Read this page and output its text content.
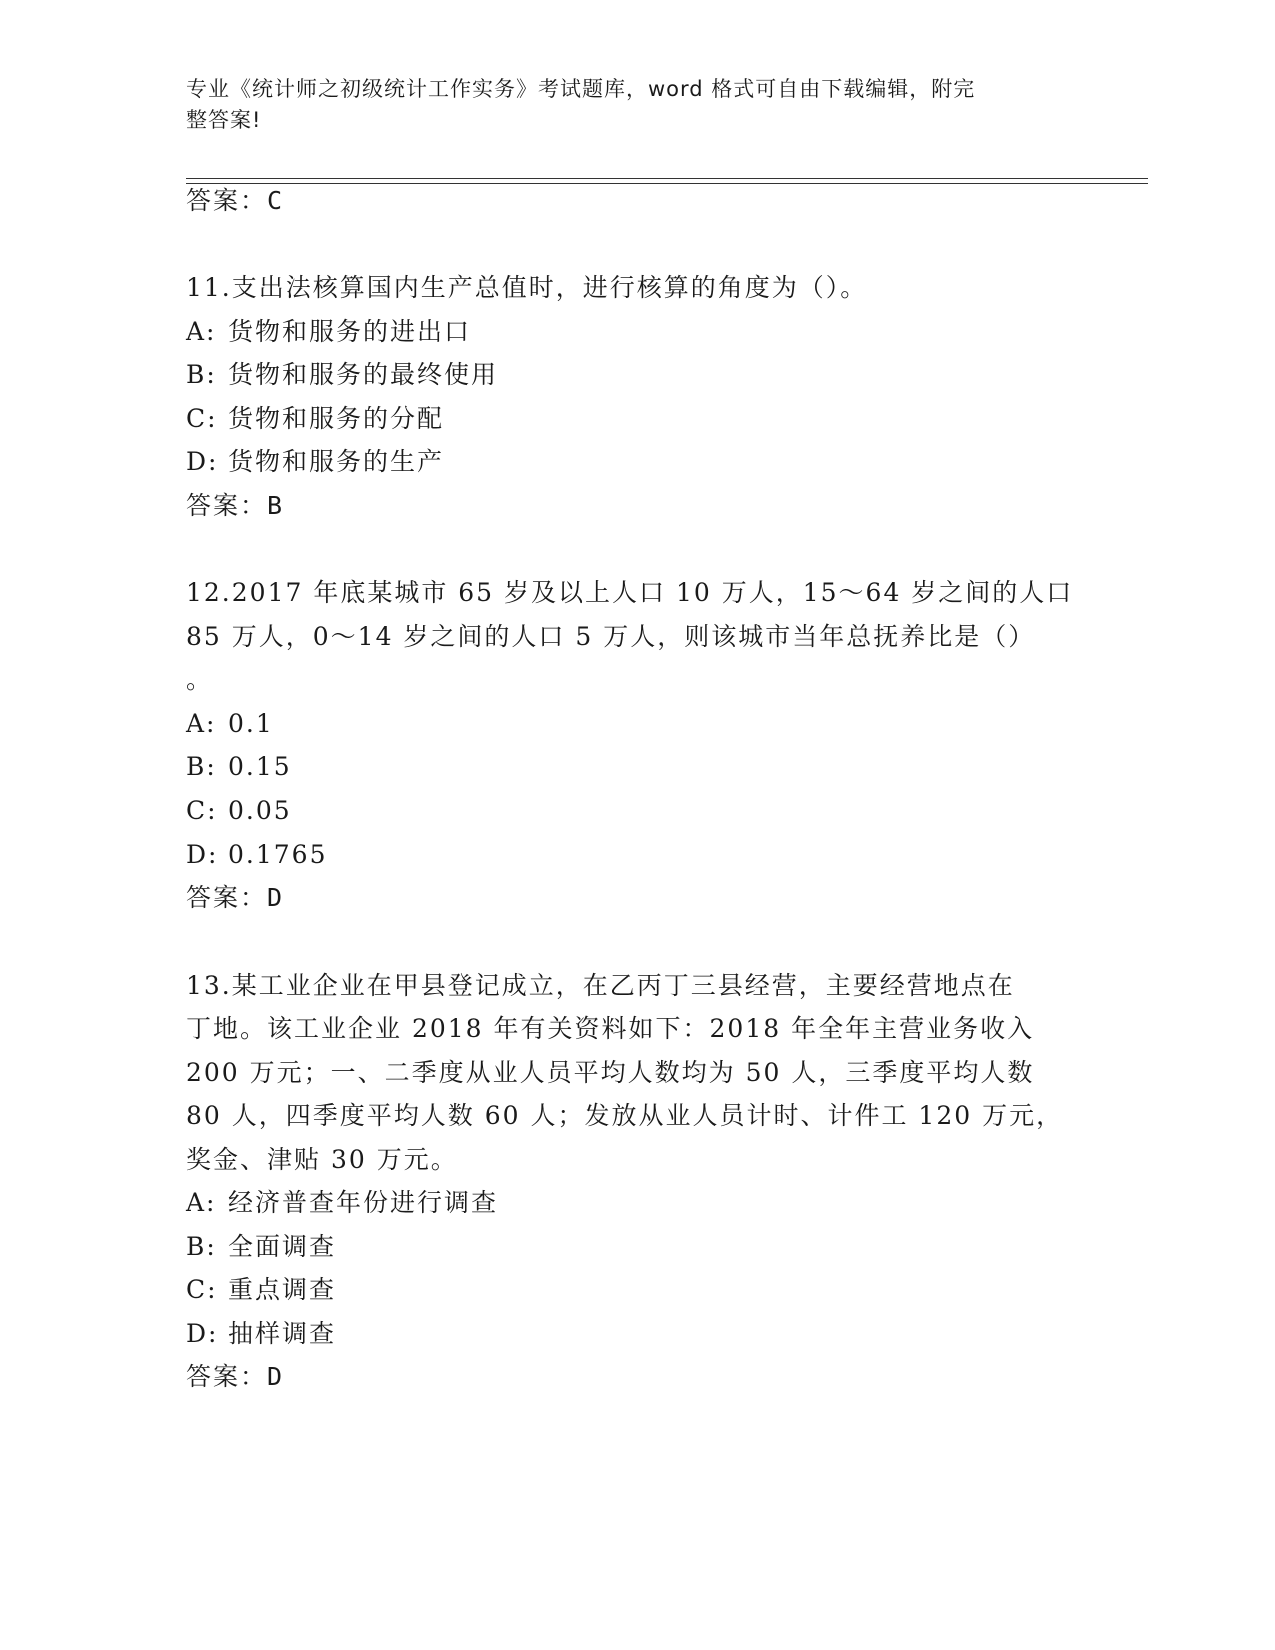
专业《统计师之初级统计工作实务》考试题库，word 格式可自由下载编辑，附完
整答案!
答案：C
11.支出法核算国内生产总值时，进行核算的角度为（）。
A: 货物和服务的进出口
B: 货物和服务的最终使用
C: 货物和服务的分配
D: 货物和服务的生产
答案：B
12.2017 年底某城市 65 岁及以上人口 10 万人，15～64 岁之间的人口
85 万人，0～14 岁之间的人口 5 万人，则该城市当年总抚养比是（）
。
A: 0.1
B: 0.15
C: 0.05
D: 0.1765
答案：D
13.某工业企业在甲县登记成立，在乙丙丁三县经营，主要经营地点在
丁地。该工业企业 2018 年有关资料如下：2018 年全年主营业务收入
200 万元；一、二季度从业人员平均人数均为 50 人，三季度平均人数
80 人，四季度平均人数 60 人；发放从业人员计时、计件工 120 万元，
奖金、津贴 30 万元。
A: 经济普查年份进行调查
B: 全面调查
C: 重点调查
D: 抽样调查
答案：D
